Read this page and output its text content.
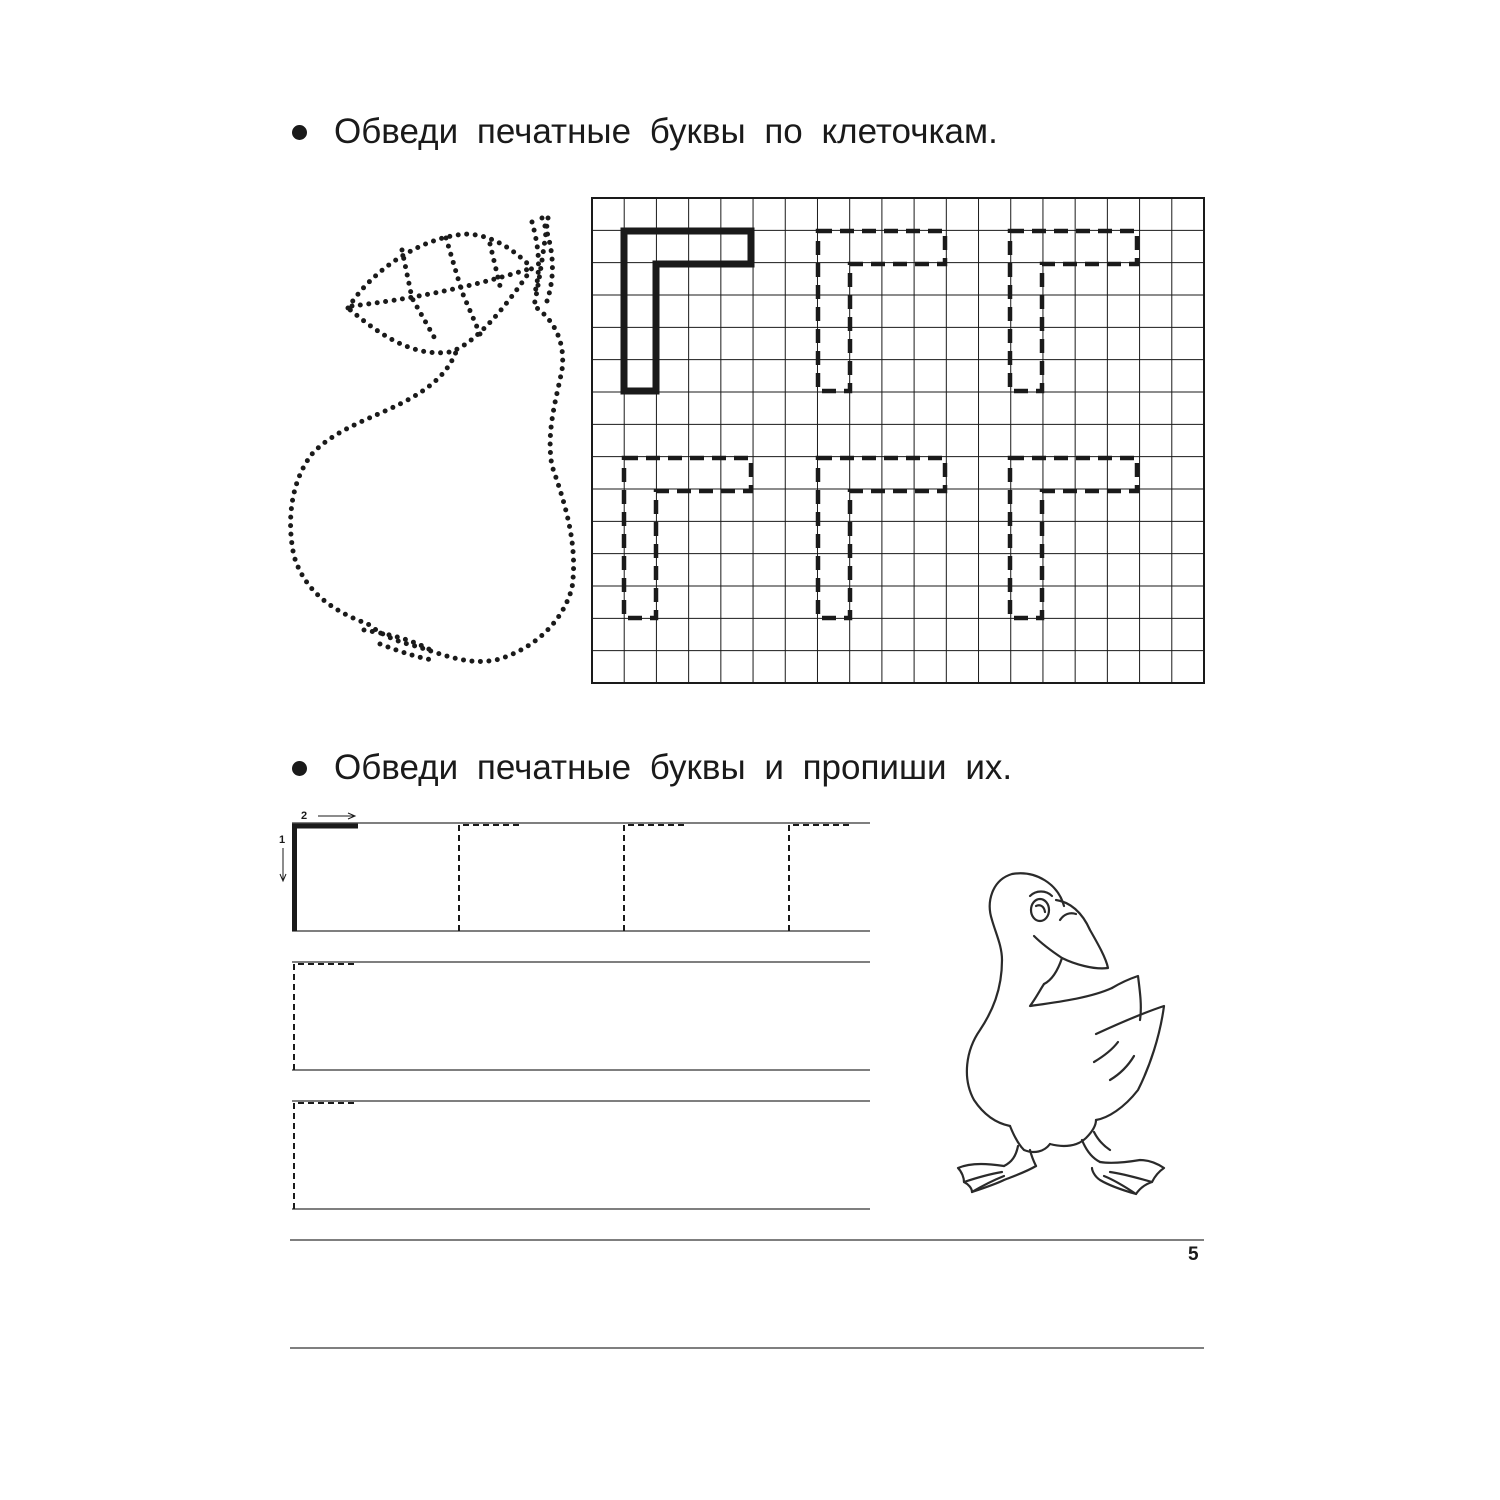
Обведи печатные буквы по клеточкам.
Обведи печатные буквы и пропиши их.
1
2
5
